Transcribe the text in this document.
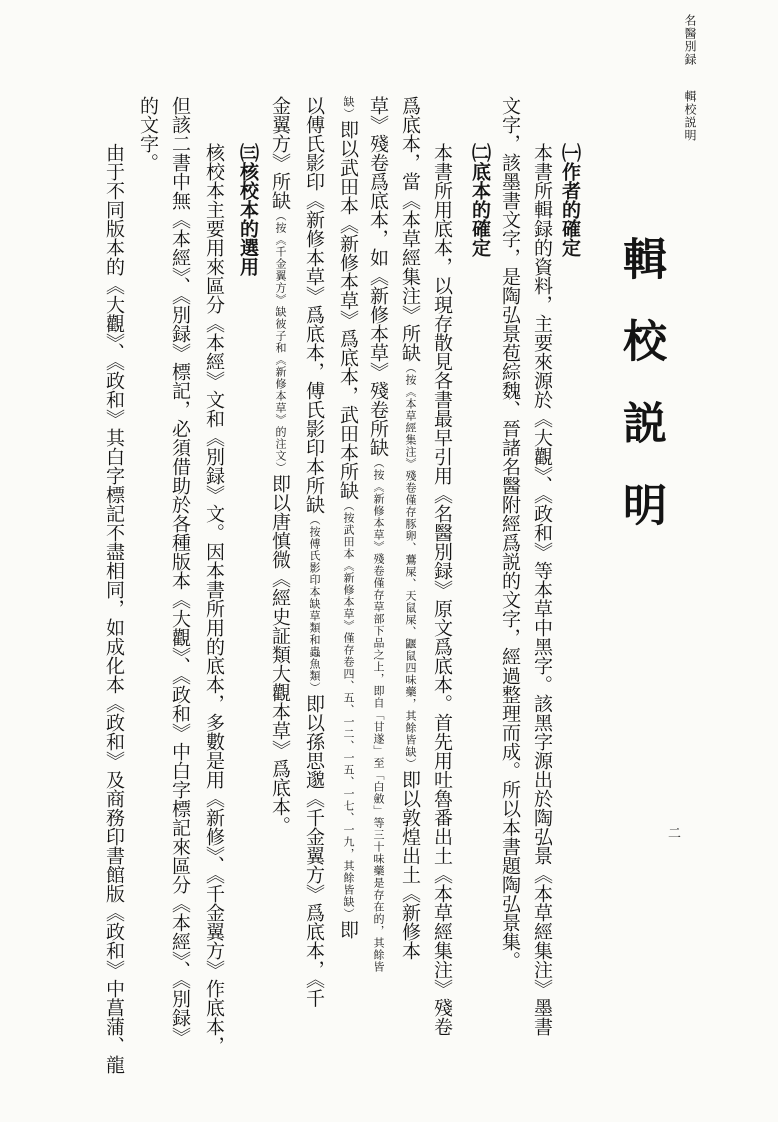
名醫別録輯校説明
輯校説明
二
㈠作者的確定
本書所輯録的資料，主要來源於《大觀》、《政和》等本草中黑字。該黑字源出於陶弘景《本草經集注》墨書
文字，該墨書文字，是陶弘景苞綜魏、晉諸名醫附經爲説的文字，經過整理而成。所以本書題陶弘景集。
㈡底本的確定
本書所用底本，以現存散見各書最早引用《名醫別録》原文爲底本。首先用吐魯番出土《本草經集注》殘卷
爲底本，當《本草經集注》所缺（按《本草經集注》殘卷僅存豚卵、鷰屎、天鼠屎、鼴鼠四味藥，其餘皆缺）即以敦煌出土《新修本
草》殘卷爲底本，如《新修本草》殘卷所缺（按《新修本草》殘卷僅存草部下品之上，即自「甘遂」至「白斂」等三十味藥是存在的，其餘皆
缺）即以武田本《新修本草》爲底本，武田本所缺（按武田本《新修本草》僅存卷四、五、一二、一五、一七、一九，其餘皆缺）即
以傅氏影印《新修本草》爲底本，傅氏影印本所缺（按傅氏影印本缺草類和蟲魚類）即以孫思邈《千金翼方》爲底本，《千
金翼方》所缺（按《千金翼方》缺彼子和《新修本草》的注文）即以唐慎微《經史証類大觀本草》爲底本。
㈢核校本的選用
核校本主要用來區分《本經》文和《別録》文。因本書所用的底本，多數是用《新修》、《千金翼方》作底本，
但該二書中無《本經》、《別録》標記，必須借助於各種版本《大觀》、《政和》中白字標記來區分《本經》、《別録》
的文字。
由于不同版本的《大觀》、《政和》其白字標記不盡相同，如成化本《政和》及商務印書館版《政和》中菖蒲、龍
